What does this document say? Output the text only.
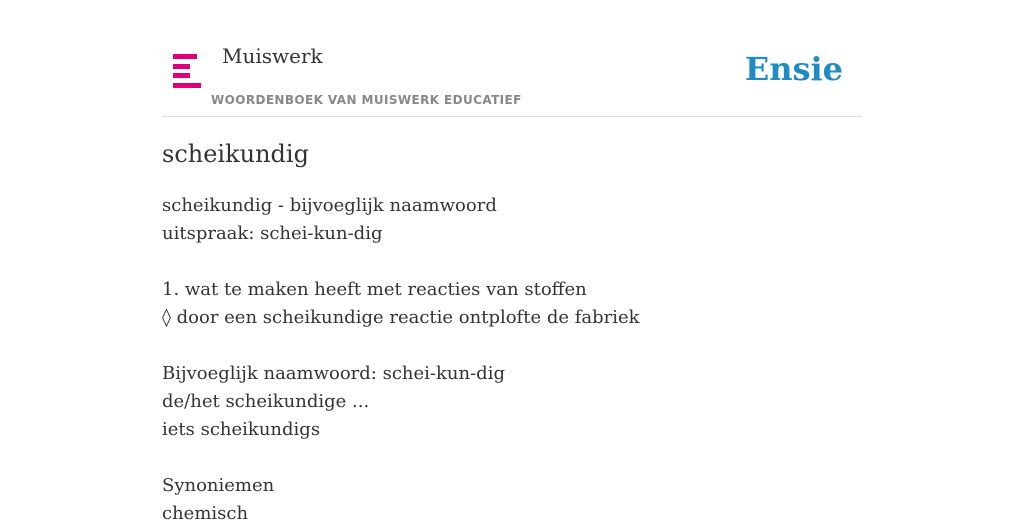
Muiswerk
WOORDENBOEK VAN MUISWERK EDUCATIEF
Ensie
scheikundig
scheikundig - bijvoeglijk naamwoord
uitspraak: schei-kun-dig
1. wat te maken heeft met reacties van stoffen
◊ door een scheikundige reactie ontplofte de fabriek
Bijvoeglijk naamwoord: schei-kun-dig
de/het scheikundige ...
iets scheikundigs
Synoniemen
chemisch
